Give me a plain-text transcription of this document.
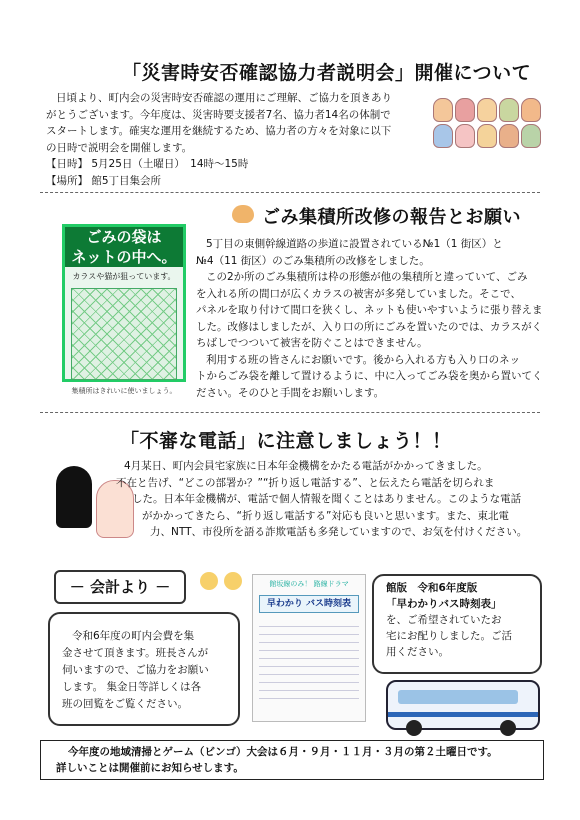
「災害時安否確認協力者説明会」開催について
日頃より、町内会の災害時安否確認の運用にご理解、ご協力を頂きあり
がとうございます。今年度は、災害時要支援者7名、協力者14名の体制で
スタートします。確実な運用を継続するため、協力者の方々を対象に以下
の日時で説明会を開催します。
【日時】 5月25日（土曜日）　14時～15時
【場所】 館5丁目集会所
ごみ集積所改修の報告とお願い
ごみの袋は
ネットの中へ。
カラスや猫が狙っています。
集積所はきれいに使いましょう。
5丁目の東側幹線道路の歩道に設置されている№1（1 街区）と
№4（11 街区）のごみ集積所の改修をしました。
この2か所のごみ集積所は枠の形態が他の集積所と違っていて、ごみ
を入れる所の間口が広くカラスの被害が多発していました。そこで、
パネルを取り付けて間口を狭くし、ネットも使いやすいように張り替えま
した。改修はしましたが、入り口の所にごみを置いたのでは、カラスがく
ちばしでつついて被害を防ぐことはできません。
利用する班の皆さんにお願いです。後から入れる方も入り口のネッ
トからごみ袋を離して置けるように、中に入ってごみ袋を奥から置いてく
ださい。そのひと手間をお願いします。
「不審な電話」に注意しましょう！！
4月某日、町内会員宅家族に日本年金機構をかたる電話がかかってきました。
不在と告げ、“どこの部署か？”“折り返し電話する”、と伝えたら電話を切られま
した。日本年金機構が、電話で個人情報を聞くことはありません。このような電話
がかかってきたら、“折り返し電話する”対応も良いと思います。また、東北電
力、NTT、市役所を語る詐欺電話も多発していますので、お気を付けください。
－ 会計より －
令和6年度の町内会費を集
金させて頂きます。班長さんが
伺いますので、ご協力をお願い
します。 集金日等詳しくは各
班の回覧をご覧ください。
館坂線のみ！ 路線ドラマ
早わかり バス時刻表
館版　令和6年度版
「早わかりバス時刻表」
を、ご希望されていたお
宅にお配りしました。ご活
用ください。
今年度の地域清掃とゲーム（ビンゴ）大会は６月・９月・１１月・３月の第２土曜日です。
詳しいことは開催前にお知らせします。
